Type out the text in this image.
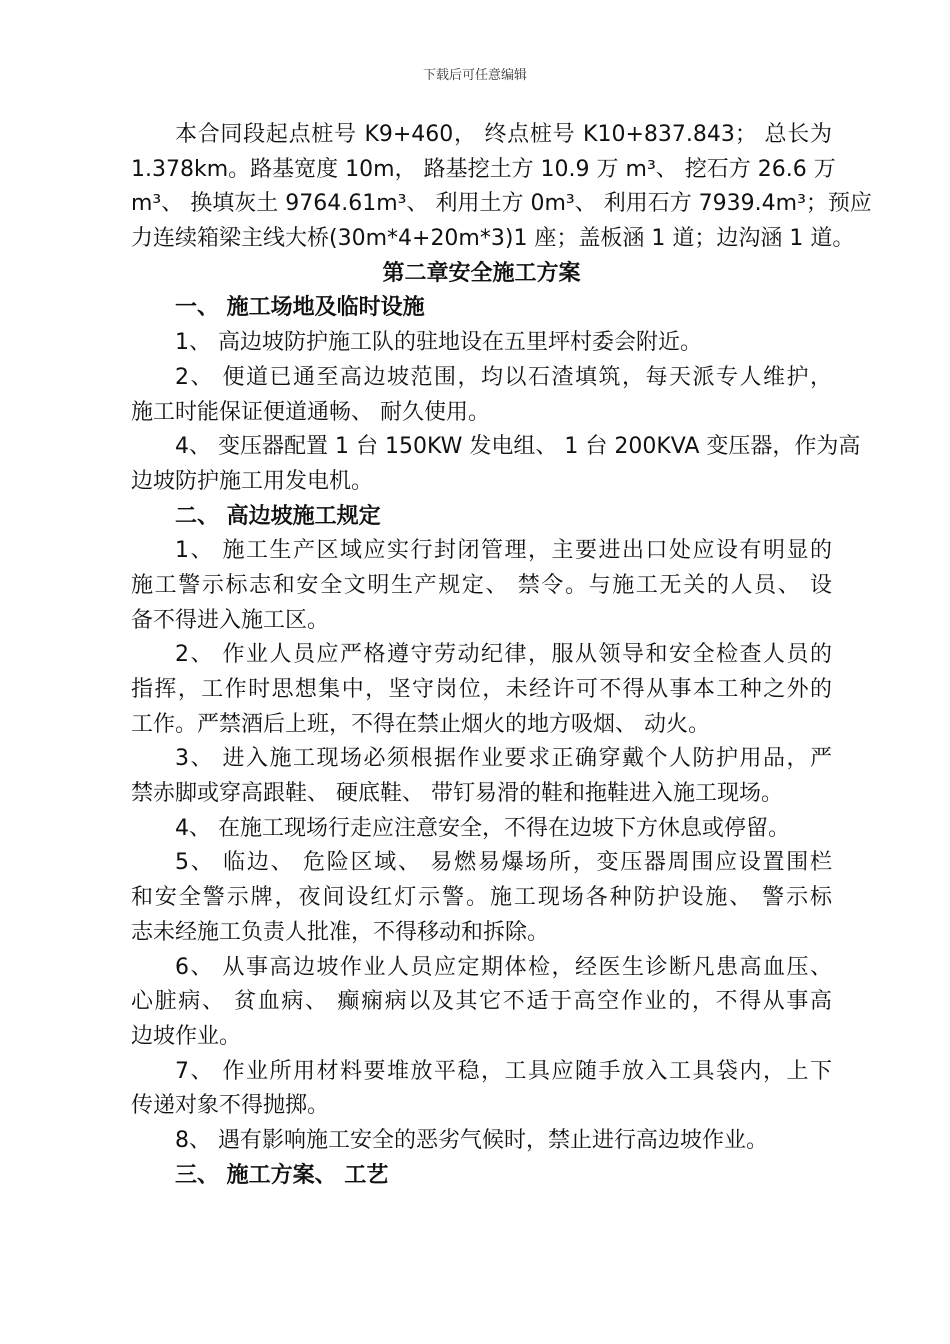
下载后可任意编辑
本合同段起点桩号 K9+460， 终点桩号 K10+837.843； 总长为
1.378km。路基宽度 10m， 路基挖土方 10.9 万 m³、 挖石方 26.6 万
m³、 换填灰土 9764.61m³、 利用土方 0m³、 利用石方 7939.4m³；预应
力连续箱梁主线大桥(30m*4+20m*3)1 座；盖板涵 1 道；边沟涵 1 道。
第二章安全施工方案
一、 施工场地及临时设施
1、 高边坡防护施工队的驻地设在五里坪村委会附近。
2、 便道已通至高边坡范围，均以石渣填筑，每天派专人维护，
施工时能保证便道通畅、 耐久使用。
4、 变压器配置 1 台 150KW 发电组、 1 台 200KVA 变压器，作为高
边坡防护施工用发电机。
二、 高边坡施工规定
1、 施工生产区域应实行封闭管理，主要进出口处应设有明显的
施工警示标志和安全文明生产规定、 禁令。与施工无关的人员、 设
备不得进入施工区。
2、 作业人员应严格遵守劳动纪律，服从领导和安全检查人员的
指挥，工作时思想集中，坚守岗位，未经许可不得从事本工种之外的
工作。严禁酒后上班，不得在禁止烟火的地方吸烟、 动火。
3、 进入施工现场必须根据作业要求正确穿戴个人防护用品，严
禁赤脚或穿高跟鞋、 硬底鞋、 带钉易滑的鞋和拖鞋进入施工现场。
4、 在施工现场行走应注意安全，不得在边坡下方休息或停留。
5、 临边、 危险区域、 易燃易爆场所，变压器周围应设置围栏
和安全警示牌，夜间设红灯示警。施工现场各种防护设施、 警示标
志未经施工负责人批准，不得移动和拆除。
6、 从事高边坡作业人员应定期体检，经医生诊断凡患高血压、
心脏病、 贫血病、 癫痫病以及其它不适于高空作业的，不得从事高
边坡作业。
7、 作业所用材料要堆放平稳，工具应随手放入工具袋内，上下
传递对象不得抛掷。
8、 遇有影响施工安全的恶劣气候时，禁止进行高边坡作业。
三、 施工方案、 工艺
